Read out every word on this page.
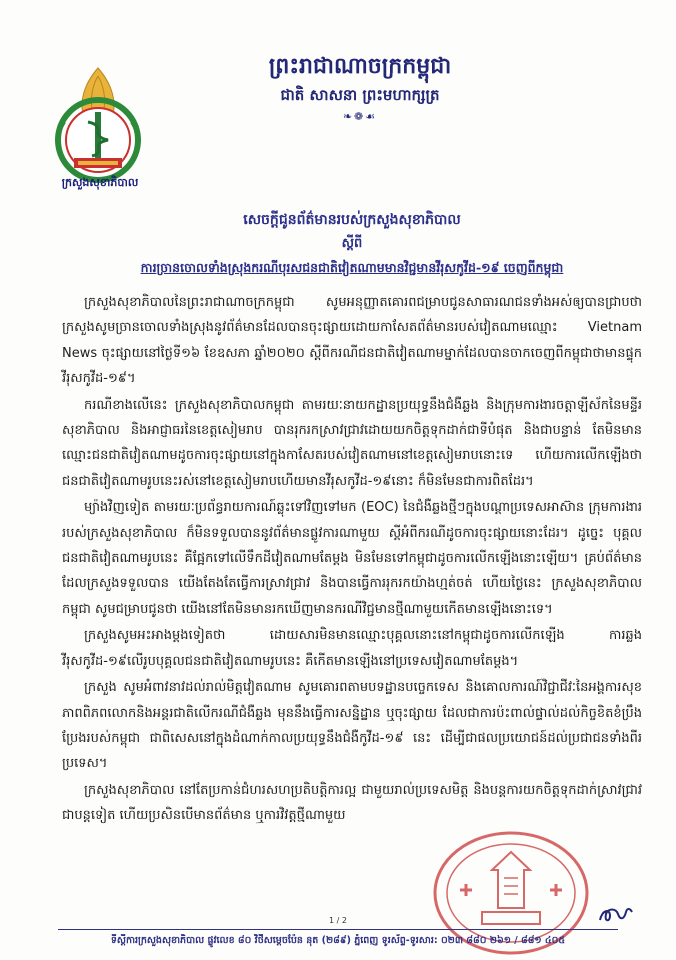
ក្រសួងសុខាភិបាល
ព្រះរាជាណាចក្រកម្ពុជា
ជាតិ សាសនា ព្រះមហាក្សត្រ
❧❁☙
សេចក្ដីជូនព័ត៌មានរបស់ក្រសួងសុខាភិបាល
ស្ដីពី
ការច្រានចោលទាំងស្រុងករណីបុរសជនជាតិវៀតណាមមានវិជ្ជមានវីរុសកូវីដ-១៩ ចេញពីកម្ពុជា

ក្រសួងសុខាភិបាលនៃព្រះរាជាណាចក្រកម្ពុជា សូមអនុញ្ញាតគោរពជម្រាបជូនសាធារណជនទាំងអស់ឲ្យបានជ្រាបថា ក្រសួងសូមច្រានចោលទាំងស្រុងនូវព័ត៌មានដែលបានចុះផ្សាយដោយកាសែតព័ត៌មានរបស់វៀតណាមឈ្មោះ Vietnam News ចុះផ្សាយនៅថ្ងៃទី១៦ ខែឧសភា ឆ្នាំ២០២០ ស្តីពីករណីជនជាតិវៀតណាមម្នាក់ដែលបានចាកចេញពីកម្ពុជាថាមានផ្ទុកវីរុសកូវីដ-១៩។

ករណីខាងលើនេះ ក្រសួងសុខាភិបាលកម្ពុជា តាមរយៈនាយកដ្ឋានប្រយុទ្ធនឹងជំងឺឆ្លង និងក្រុមការងារចត្តាឡីស័កនៃមន្ទីរសុខាភិបាល និងអាជ្ញាធរនៃខេត្តសៀមរាប បានរុករកស្រាវជ្រាវដោយយកចិត្តទុកដាក់ជាទីបំផុត និងជាបន្ទាន់ តែមិនមានឈ្មោះជនជាតិវៀតណាមដូចការចុះផ្សាយនៅក្នុងកាសែតរបស់វៀតណាមនៅខេត្តសៀមរាបនោះទេ ហើយការលើកឡើងថា ជនជាតិវៀតណាមរូបនេះរស់នៅខេត្តសៀមរាបហើយមានវីរុសកូវីដ-១៩នោះ ក៏មិនមែនជាការពិតដែរ។

ម្យ៉ាងវិញទៀត តាមរយៈប្រព័ន្ធរាយការណ៍ឆ្លុះទៅវិញទៅមក (EOC) នៃជំងឺឆ្លងថ្មីៗក្នុងបណ្តាប្រទេសអាស៊ាន ក្រុមការងាររបស់ក្រសួងសុខាភិបាល ក៏មិនទទួលបាននូវព័ត៌មានផ្លូវការណាមួយ ស្តីអំពីករណីដូចការចុះផ្សាយនោះដែរ។ ដូច្នេះ បុគ្គលជនជាតិវៀតណាមរូបនេះ គឺផ្អែកទៅលើទឹកដីវៀតណាមតែម្តង មិនមែនទៅកម្ពុជាដូចការលើកឡើងនោះឡើយ។ គ្រប់ព័ត៌មានដែលក្រសួងទទួលបាន យើងតែងតែធ្វើការស្រាវជ្រាវ និងបានធ្វើការរុករកយ៉ាងហ្មត់ចត់ ហើយថ្ងៃនេះ ក្រសួងសុខាភិបាលកម្ពុជា សូមជម្រាបជូនថា យើងនៅតែមិនមានរកឃើញមានករណីវិជ្ជមានថ្មីណាមួយកើតមានឡើងនោះទេ។

ក្រសួងសូមអះអាងម្តងទៀតថា ដោយសារមិនមានឈ្មោះបុគ្គលនោះនៅកម្ពុជាដូចការលើកឡើង ការឆ្លងវីរុសកូវីដ-១៩លើរូបបុគ្គលជនជាតិវៀតណាមរូបនេះ គឺកើតមានឡើងនៅប្រទេសវៀតណាមតែម្តង។

ក្រសួង សូមអំពាវនាវដល់រាល់មិត្តវៀតណាម សូមគោរពតាមបទដ្ឋានបច្ចេកទេស និងគោលការណ៍វិជ្ជាជីវៈនៃអង្គការសុខភាពពិភពលោកនិងអន្តរជាតិលើករណីជំងឺឆ្លង មុននឹងធ្វើការសន្និដ្ឋាន ឬចុះផ្សាយ ដែលជាការប៉ះពាល់ផ្ទាល់ដល់កិច្ចខិតខំប្រឹងប្រែងរបស់កម្ពុជា ជាពិសេសនៅក្នុងដំណាក់កាលប្រយុទ្ធនឹងជំងឺកូវីដ-១៩ នេះ ដើម្បីជាផលប្រយោជន៍ដល់ប្រជាជនទាំងពីរប្រទេស។

ក្រសួងសុខាភិបាល នៅតែប្រកាន់ជំហរសហប្រតិបត្តិការល្អ ជាមួយរាល់ប្រទេសមិត្ត និងបន្តការយកចិត្តទុកដាក់ស្រាវជ្រាវជាបន្តទៀត ហើយប្រសិនបើមានព័ត៌មាន ឬការវិវត្តថ្មីណាមួយ

1 / 2
ទីស្តីការក្រសួងសុខាភិបាល ផ្លូវលេខ ៨០ វិថីសម្តេចប៉ែន នុត (២៨៩) ភ្នំពេញ ទូរស័ព្ទ-ទូរសារ: ០២៣ ៨៨០ ២៦១ / ៨៨១ ៤០៥
